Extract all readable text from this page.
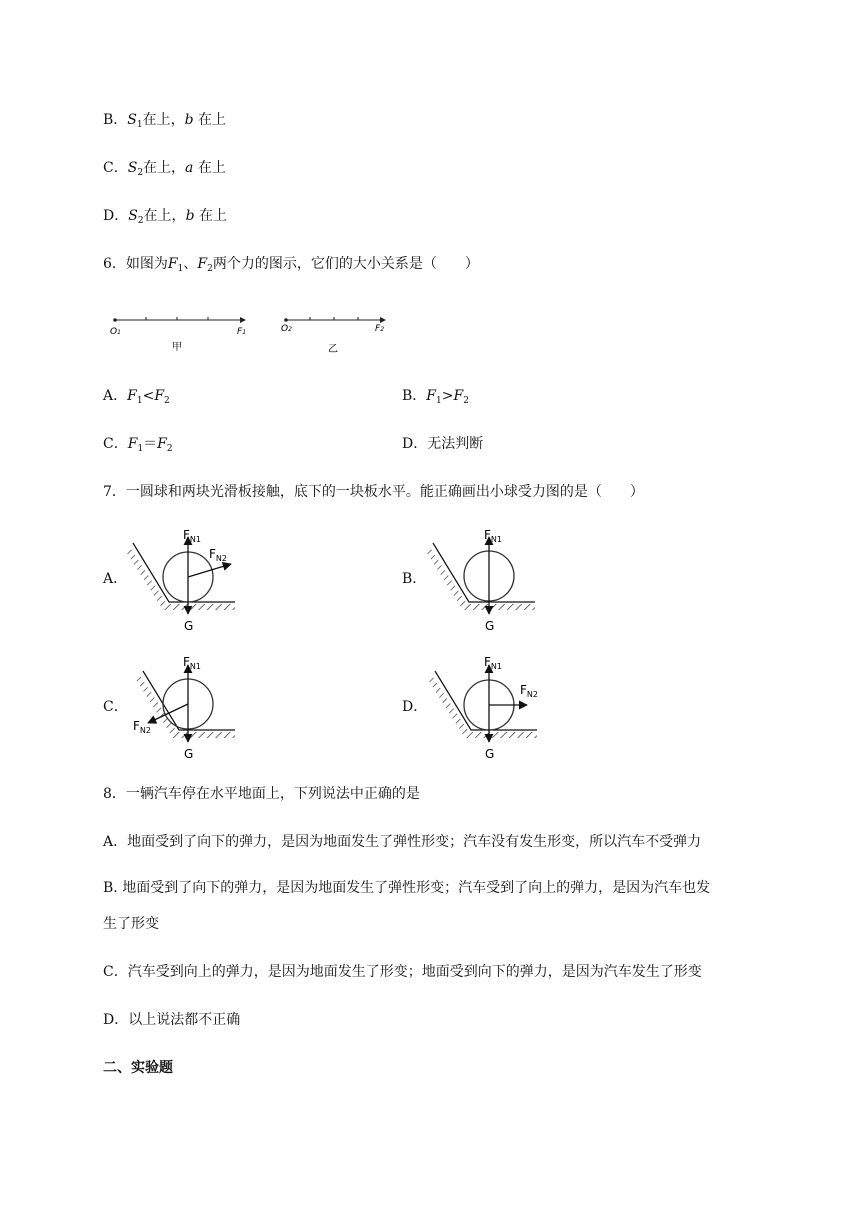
B．$S_1$在上，b 在上
C．$S_2$在上，a 在上
D．$S_2$在上，b 在上
6．如图为$F_1$、$F_2$两个力的图示，它们的大小关系是（　　）
O1	F1
甲
O2	F2
乙
A．$F_1<F_2$	B．$F_1>F_2$
C．$F_1=F_2$	D．无法判断
7．一圆球和两块光滑板接触，底下的一块板水平。能正确画出小球受力图的是（　　）
A．	B．
C．	D．
$F_{N1}$
$F_{N2}$
G
$F_{N1}$
G
$F_{N1}$
$F_{N2}$
G
$F_{N1}$
$F_{N2}$
G
8．一辆汽车停在水平地面上，下列说法中正确的是
A．地面受到了向下的弹力，是因为地面发生了弹性形变；汽车没有发生形变，所以汽车不受弹力
B. 地面受到了向下的弹力，是因为地面发生了弹性形变；汽车受到了向上的弹力，是因为汽车也发
生了形变
C．汽车受到向上的弹力，是因为地面发生了形变；地面受到向下的弹力，是因为汽车发生了形变
D．以上说法都不正确
二、实验题
